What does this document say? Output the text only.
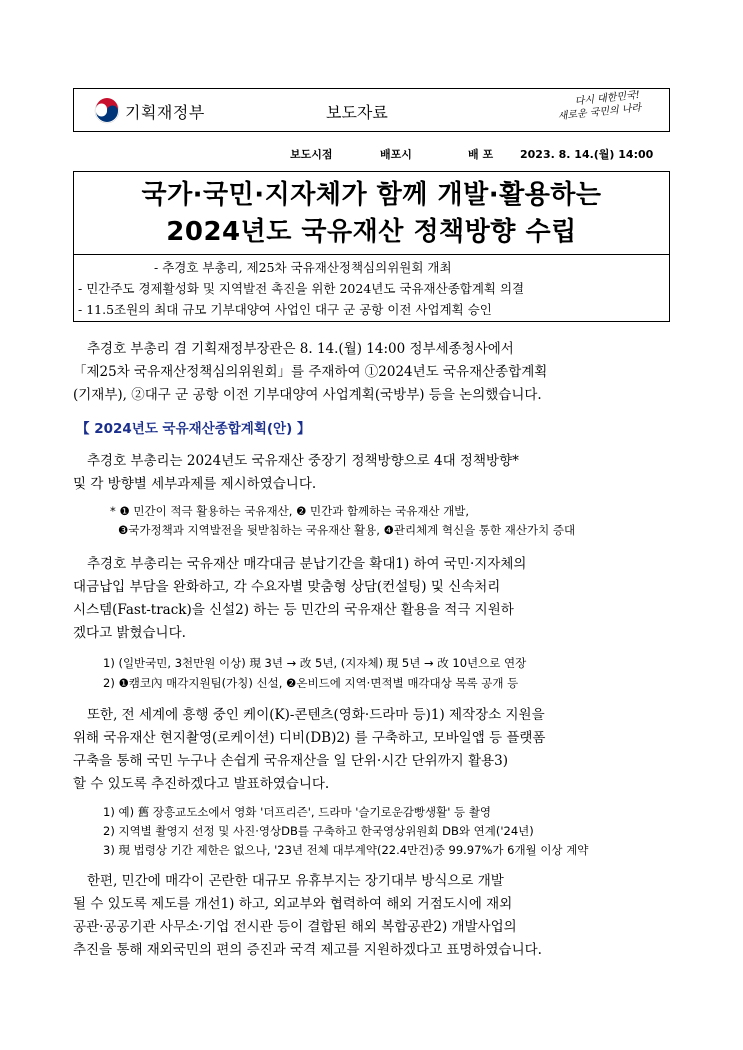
기획재정부	보도자료
다시 대한민국!
새로운 국민의 나라
보도시점	배포시	배 포	2023. 8. 14.(월) 14:00
국가·국민·지자체가 함께 개발·활용하는
2024년도 국유재산 정책방향 수립
- 추경호 부총리, 제25차 국유재산정책심의위원회 개최
- 민간주도 경제활성화 및 지역발전 촉진을 위한 2024년도 국유재산종합계획 의결
- 11.5조원의 최대 규모 기부대양여 사업인 대구 군 공항 이전 사업계획 승인
추경호 부총리 겸 기획재정부장관은 8. 14.(월) 14:00 정부세종청사에서
「제25차 국유재산정책심의위원회」를 주재하여 ①2024년도 국유재산종합계획
(기재부), ②대구 군 공항 이전 기부대양여 사업계획(국방부) 등을 논의했습니다.
【 2024년도 국유재산종합계획(안) 】
추경호 부총리는 2024년도 국유재산 중장기 정책방향으로 4대 정책방향*
및 각 방향별 세부과제를 제시하였습니다.
* ❶ 민간이 적극 활용하는 국유재산, ❷ 민간과 함께하는 국유재산 개발,
❸국가정책과 지역발전을 뒷받침하는 국유재산 활용, ❹관리체계 혁신을 통한 재산가치 증대
추경호 부총리는 국유재산 매각대금 분납기간을 확대1) 하여 국민·지자체의
대금납입 부담을 완화하고, 각 수요자별 맞춤형 상담(컨설팅) 및 신속처리
시스템(Fast-track)을 신설2) 하는 등 민간의 국유재산 활용을 적극 지원하
겠다고 밝혔습니다.
1) (일반국민, 3천만원 이상) 現 3년 → 改 5년, (지자체) 現 5년 → 改 10년으로 연장
2) ❶캠코內 매각지원팀(가칭) 신설, ❷온비드에 지역·면적별 매각대상 목록 공개 등
또한, 전 세계에 흥행 중인 케이(K)-콘텐츠(영화·드라마 등)1) 제작장소 지원을
위해 국유재산 현지촬영(로케이션) 디비(DB)2) 를 구축하고, 모바일앱 등 플랫폼
구축을 통해 국민 누구나 손쉽게 국유재산을 일 단위·시간 단위까지 활용3)
할 수 있도록 추진하겠다고 발표하였습니다.
1) 예) 舊 장흥교도소에서 영화 '더프리즌', 드라마 '슬기로운감빵생활' 등 촬영
2) 지역별 촬영지 선정 및 사진·영상DB를 구축하고 한국영상위원회 DB와 연계('24년)
3) 現 법령상 기간 제한은 없으나, '23년 전체 대부계약(22.4만건)중 99.97%가 6개월 이상 계약
한편, 민간에 매각이 곤란한 대규모 유휴부지는 장기대부 방식으로 개발
될 수 있도록 제도를 개선1) 하고, 외교부와 협력하여 해외 거점도시에 재외
공관·공공기관 사무소·기업 전시관 등이 결합된 해외 복합공관2) 개발사업의
추진을 통해 재외국민의 편의 증진과 국격 제고를 지원하겠다고 표명하였습니다.
